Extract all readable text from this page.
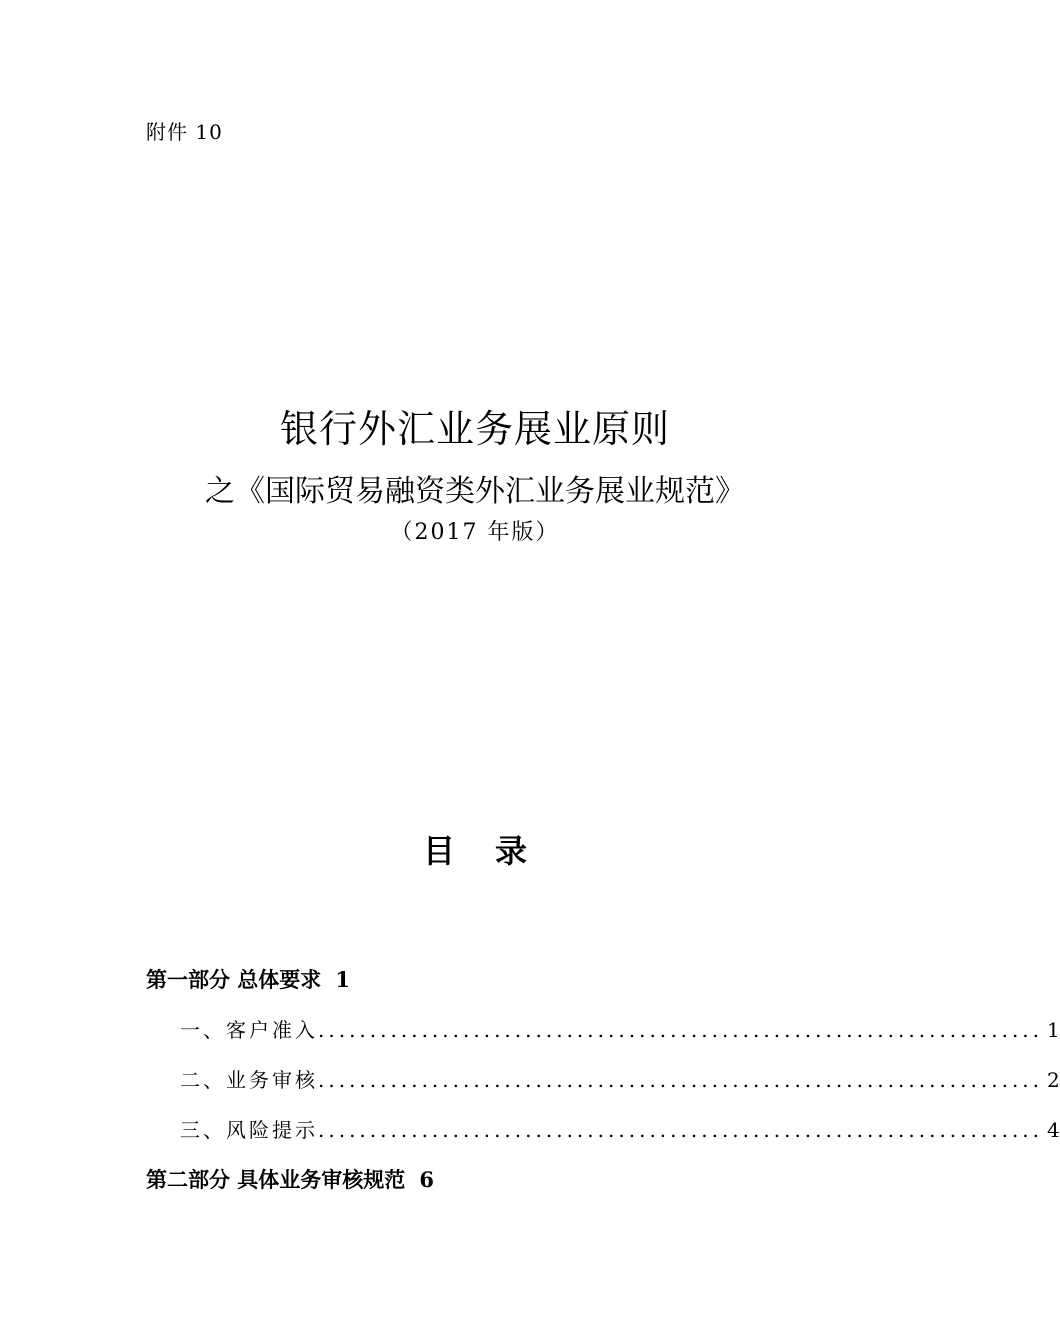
附件 10
银行外汇业务展业原则
之《国际贸易融资类外汇业务展业规范》
（2017 年版）
目 录
第一部分 总体要求 1
一、客户准入 ...................................................................... 1
二、业务审核 ...................................................................... 2
三、风险提示 ...................................................................... 4
第二部分 具体业务审核规范 6
